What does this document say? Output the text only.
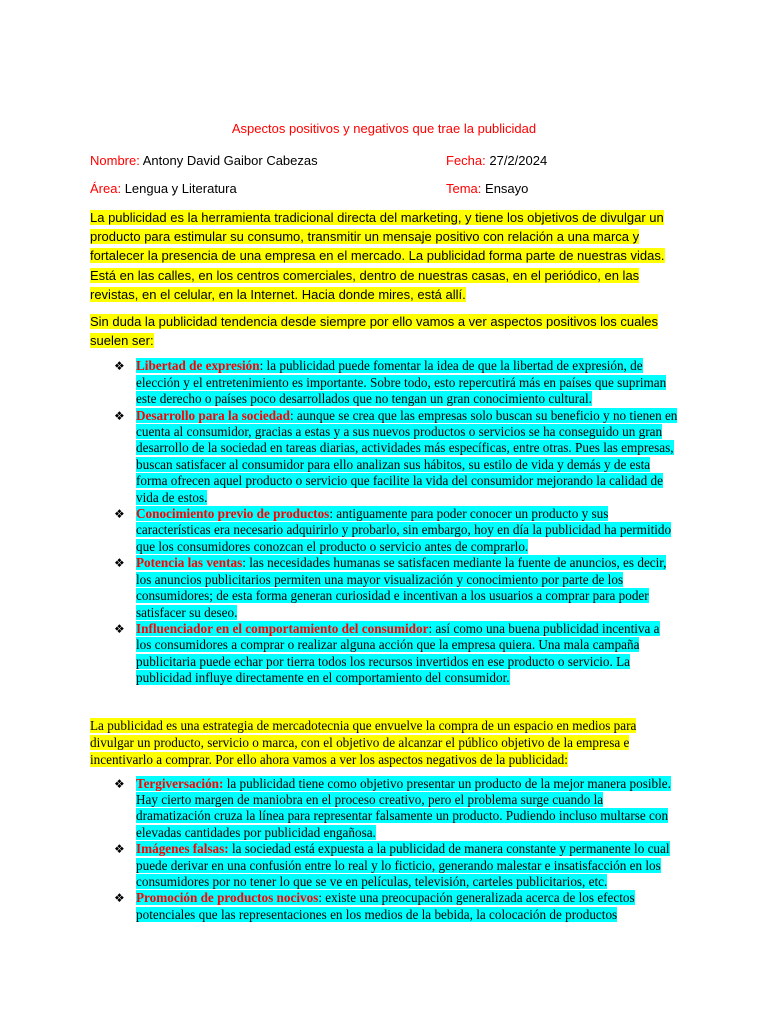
Aspectos positivos y negativos que trae la publicidad

Nombre: Antony David Gaibor Cabezas	Fecha: 27/2/2024
Área: Lengua y Literatura	Tema: Ensayo

La publicidad es la herramienta tradicional directa del marketing, y tiene los objetivos de divulgar un producto para estimular su consumo, transmitir un mensaje positivo con relación a una marca y fortalecer la presencia de una empresa en el mercado. La publicidad forma parte de nuestras vidas. Está en las calles, en los centros comerciales, dentro de nuestras casas, en el periódico, en las revistas, en el celular, en la Internet. Hacia donde mires, está allí.

Sin duda la publicidad tendencia desde siempre por ello vamos a ver aspectos positivos los cuales suelen ser:

❖ Libertad de expresión: la publicidad puede fomentar la idea de que la libertad de expresión, de elección y el entretenimiento es importante. Sobre todo, esto repercutirá más en países que supriman este derecho o países poco desarrollados que no tengan un gran conocimiento cultural.
❖ Desarrollo para la sociedad: aunque se crea que las empresas solo buscan su beneficio y no tienen en cuenta al consumidor, gracias a estas y a sus nuevos productos o servicios se ha conseguido un gran desarrollo de la sociedad en tareas diarias, actividades más específicas, entre otras. Pues las empresas, buscan satisfacer al consumidor para ello analizan sus hábitos, su estilo de vida y demás y de esta forma ofrecen aquel producto o servicio que facilite la vida del consumidor mejorando la calidad de vida de estos.
❖ Conocimiento previo de productos: antiguamente para poder conocer un producto y sus características era necesario adquirirlo y probarlo, sin embargo, hoy en día la publicidad ha permitido que los consumidores conozcan el producto o servicio antes de comprarlo.
❖ Potencia las ventas: las necesidades humanas se satisfacen mediante la fuente de anuncios, es decir, los anuncios publicitarios permiten una mayor visualización y conocimiento por parte de los consumidores; de esta forma generan curiosidad e incentivan a los usuarios a comprar para poder satisfacer su deseo.
❖ Influenciador en el comportamiento del consumidor: así como una buena publicidad incentiva a los consumidores a comprar o realizar alguna acción que la empresa quiera. Una mala campaña publicitaria puede echar por tierra todos los recursos invertidos en ese producto o servicio. La publicidad influye directamente en el comportamiento del consumidor.

La publicidad es una estrategia de mercadotecnia que envuelve la compra de un espacio en medios para divulgar un producto, servicio o marca, con el objetivo de alcanzar el público objetivo de la empresa e incentivarlo a comprar. Por ello ahora vamos a ver los aspectos negativos de la publicidad:

❖ Tergiversación: la publicidad tiene como objetivo presentar un producto de la mejor manera posible. Hay cierto margen de maniobra en el proceso creativo, pero el problema surge cuando la dramatización cruza la línea para representar falsamente un producto. Pudiendo incluso multarse con elevadas cantidades por publicidad engañosa.
❖ Imágenes falsas: la sociedad está expuesta a la publicidad de manera constante y permanente lo cual puede derivar en una confusión entre lo real y lo ficticio, generando malestar e insatisfacción en los consumidores por no tener lo que se ve en películas, televisión, carteles publicitarios, etc.
❖ Promoción de productos nocivos: existe una preocupación generalizada acerca de los efectos potenciales que las representaciones en los medios de la bebida, la colocación de productos
